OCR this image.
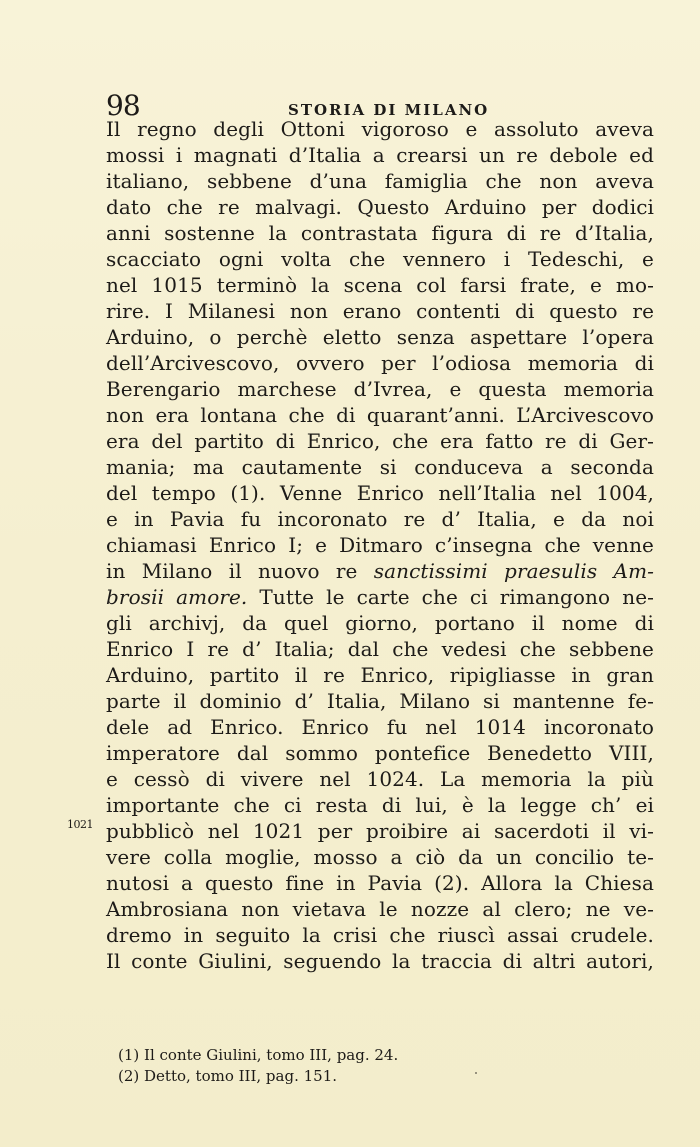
98	STORIA DI MILANO
Il regno degli Ottoni vigoroso e assoluto aveva
mossi i magnati d’Italia a crearsi un re debole ed
italiano, sebbene d’una famiglia che non aveva
dato che re malvagi. Questo Arduino per dodici
anni sostenne la contrastata figura di re d’Italia,
scacciato ogni volta che vennero i Tedeschi, e
nel 1015 terminò la scena col farsi frate, e mo-
rire. I Milanesi non erano contenti di questo re
Arduino, o perchè eletto senza aspettare l’opera
dell’Arcivescovo, ovvero per l’odiosa memoria di
Berengario marchese d’Ivrea, e questa memoria
non era lontana che di quarant’anni. L’Arcivescovo
era del partito di Enrico, che era fatto re di Ger-
mania; ma cautamente si conduceva a seconda
del tempo (1). Venne Enrico nell’Italia nel 1004,
e in Pavia fu incoronato re d’ Italia, e da noi
chiamasi Enrico I; e Ditmaro c’insegna che venne
in Milano il nuovo re sanctissimi praesulis Am-
brosii amore. Tutte le carte che ci rimangono ne-
gli archivj, da quel giorno, portano il nome di
Enrico I re d’ Italia; dal che vedesi che sebbene
Arduino, partito il re Enrico, ripigliasse in gran
parte il dominio d’ Italia, Milano si mantenne fe-
dele ad Enrico. Enrico fu nel 1014 incoronato
imperatore dal sommo pontefice Benedetto VIII,
e cessò di vivere nel 1024. La memoria la più
importante che ci resta di lui, è la legge ch’ ei
pubblicò nel 1021 per proibire ai sacerdoti il vi-
vere colla moglie, mosso a ciò da un concilio te-
nutosi a questo fine in Pavia (2). Allora la Chiesa
Ambrosiana non vietava le nozze al clero; ne ve-
dremo in seguito la crisi che riuscì assai crudele.
Il conte Giulini, seguendo la traccia di altri autori,
1021
(1) Il conte Giulini, tomo III, pag. 24.
(2) Detto, tomo III, pag. 151.
